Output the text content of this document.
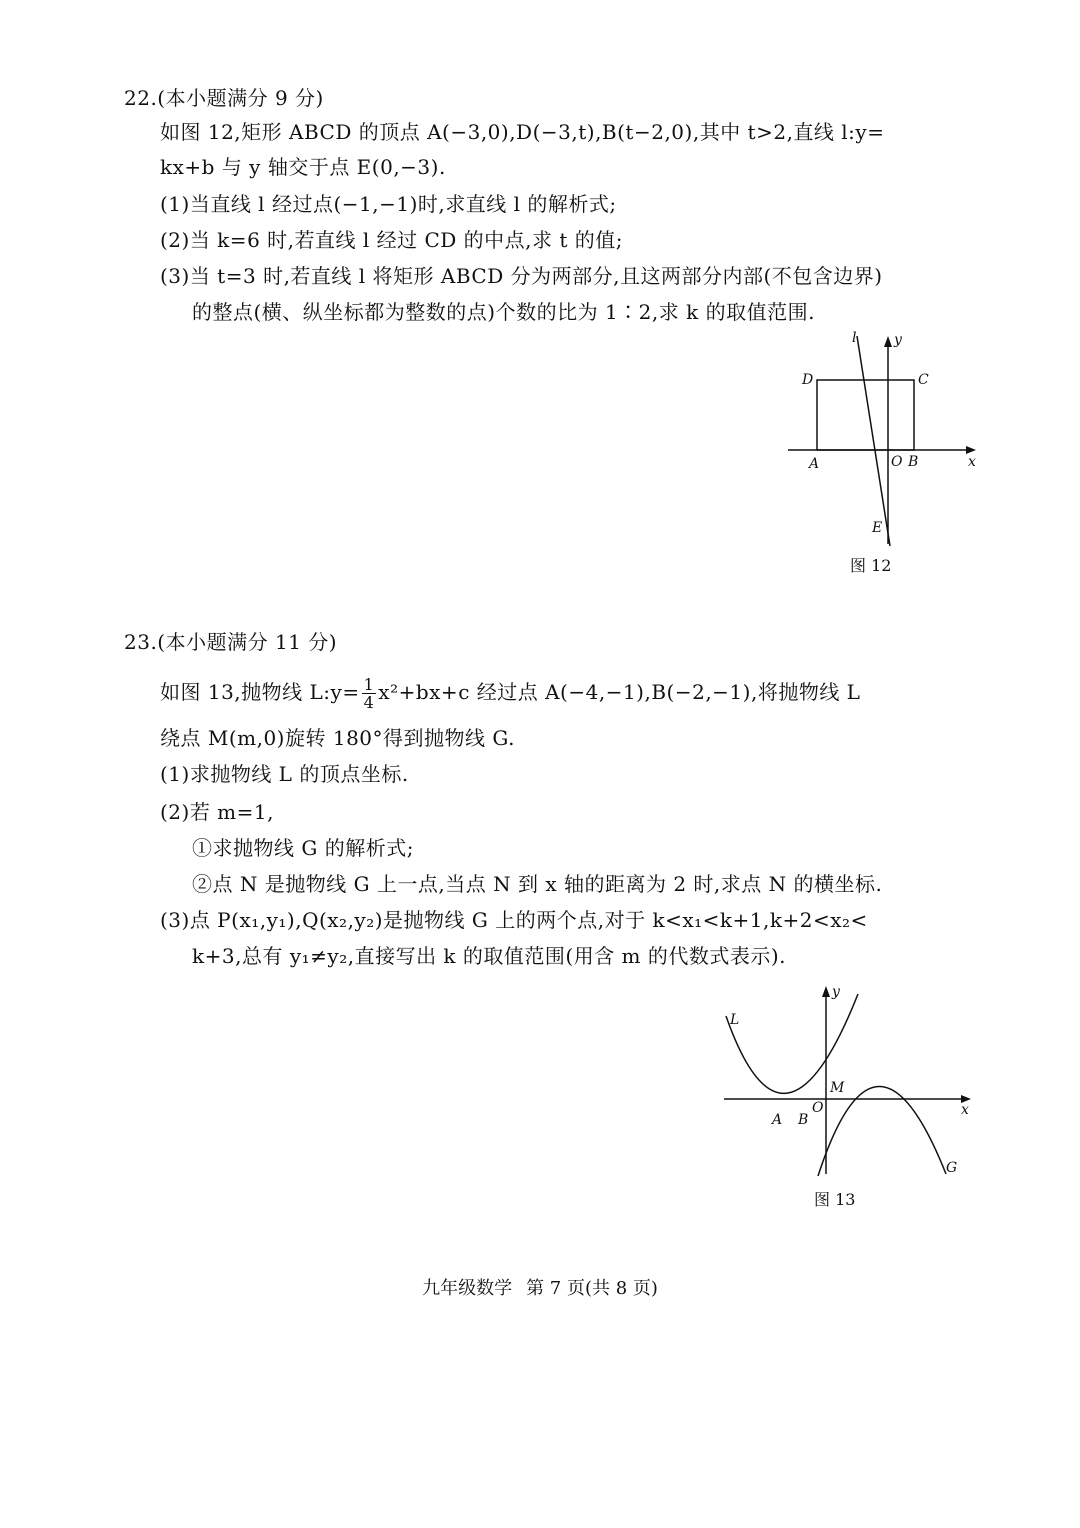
22.(本小题满分 9 分)
如图 12,矩形 ABCD 的顶点 A(−3,0),D(−3,t),B(t−2,0),其中 t>2,直线 l:y=
kx+b 与 y 轴交于点 E(0,−3).
(1)当直线 l 经过点(−1,−1)时,求直线 l 的解析式;
(2)当 k=6 时,若直线 l 经过 CD 的中点,求 t 的值;
(3)当 t=3 时,若直线 l 将矩形 ABCD 分为两部分,且这两部分内部(不包含边界)
的整点(横、纵坐标都为整数的点)个数的比为 1∶2,求 k 的取值范围.
l	y
D	C
A	O B	x
E
图 12
23.(本小题满分 11 分)
如图 13,抛物线 L:y= $\frac{1}{4} x^2+bx+c$ 经过点 A(−4,−1),B(−2,−1),将抛物线 L
绕点 M(m,0)旋转 180°得到抛物线 G.
(1)求抛物线 L 的顶点坐标.
(2)若 m=1,
①求抛物线 G 的解析式;
②点 N 是抛物线 G 上一点,当点 N 到 x 轴的距离为 2 时,求点 N 的横坐标.
(3)点 P(x₁,y₁),Q(x₂,y₂)是抛物线 G 上的两个点,对于 k<x₁<k+1,k+2<x₂<
k+3,总有 y₁≠y₂,直接写出 k 的取值范围(用含 m 的代数式表示).
y
L
M
O	x
A B
G
图 13
九年级数学 第 7 页(共 8 页)
